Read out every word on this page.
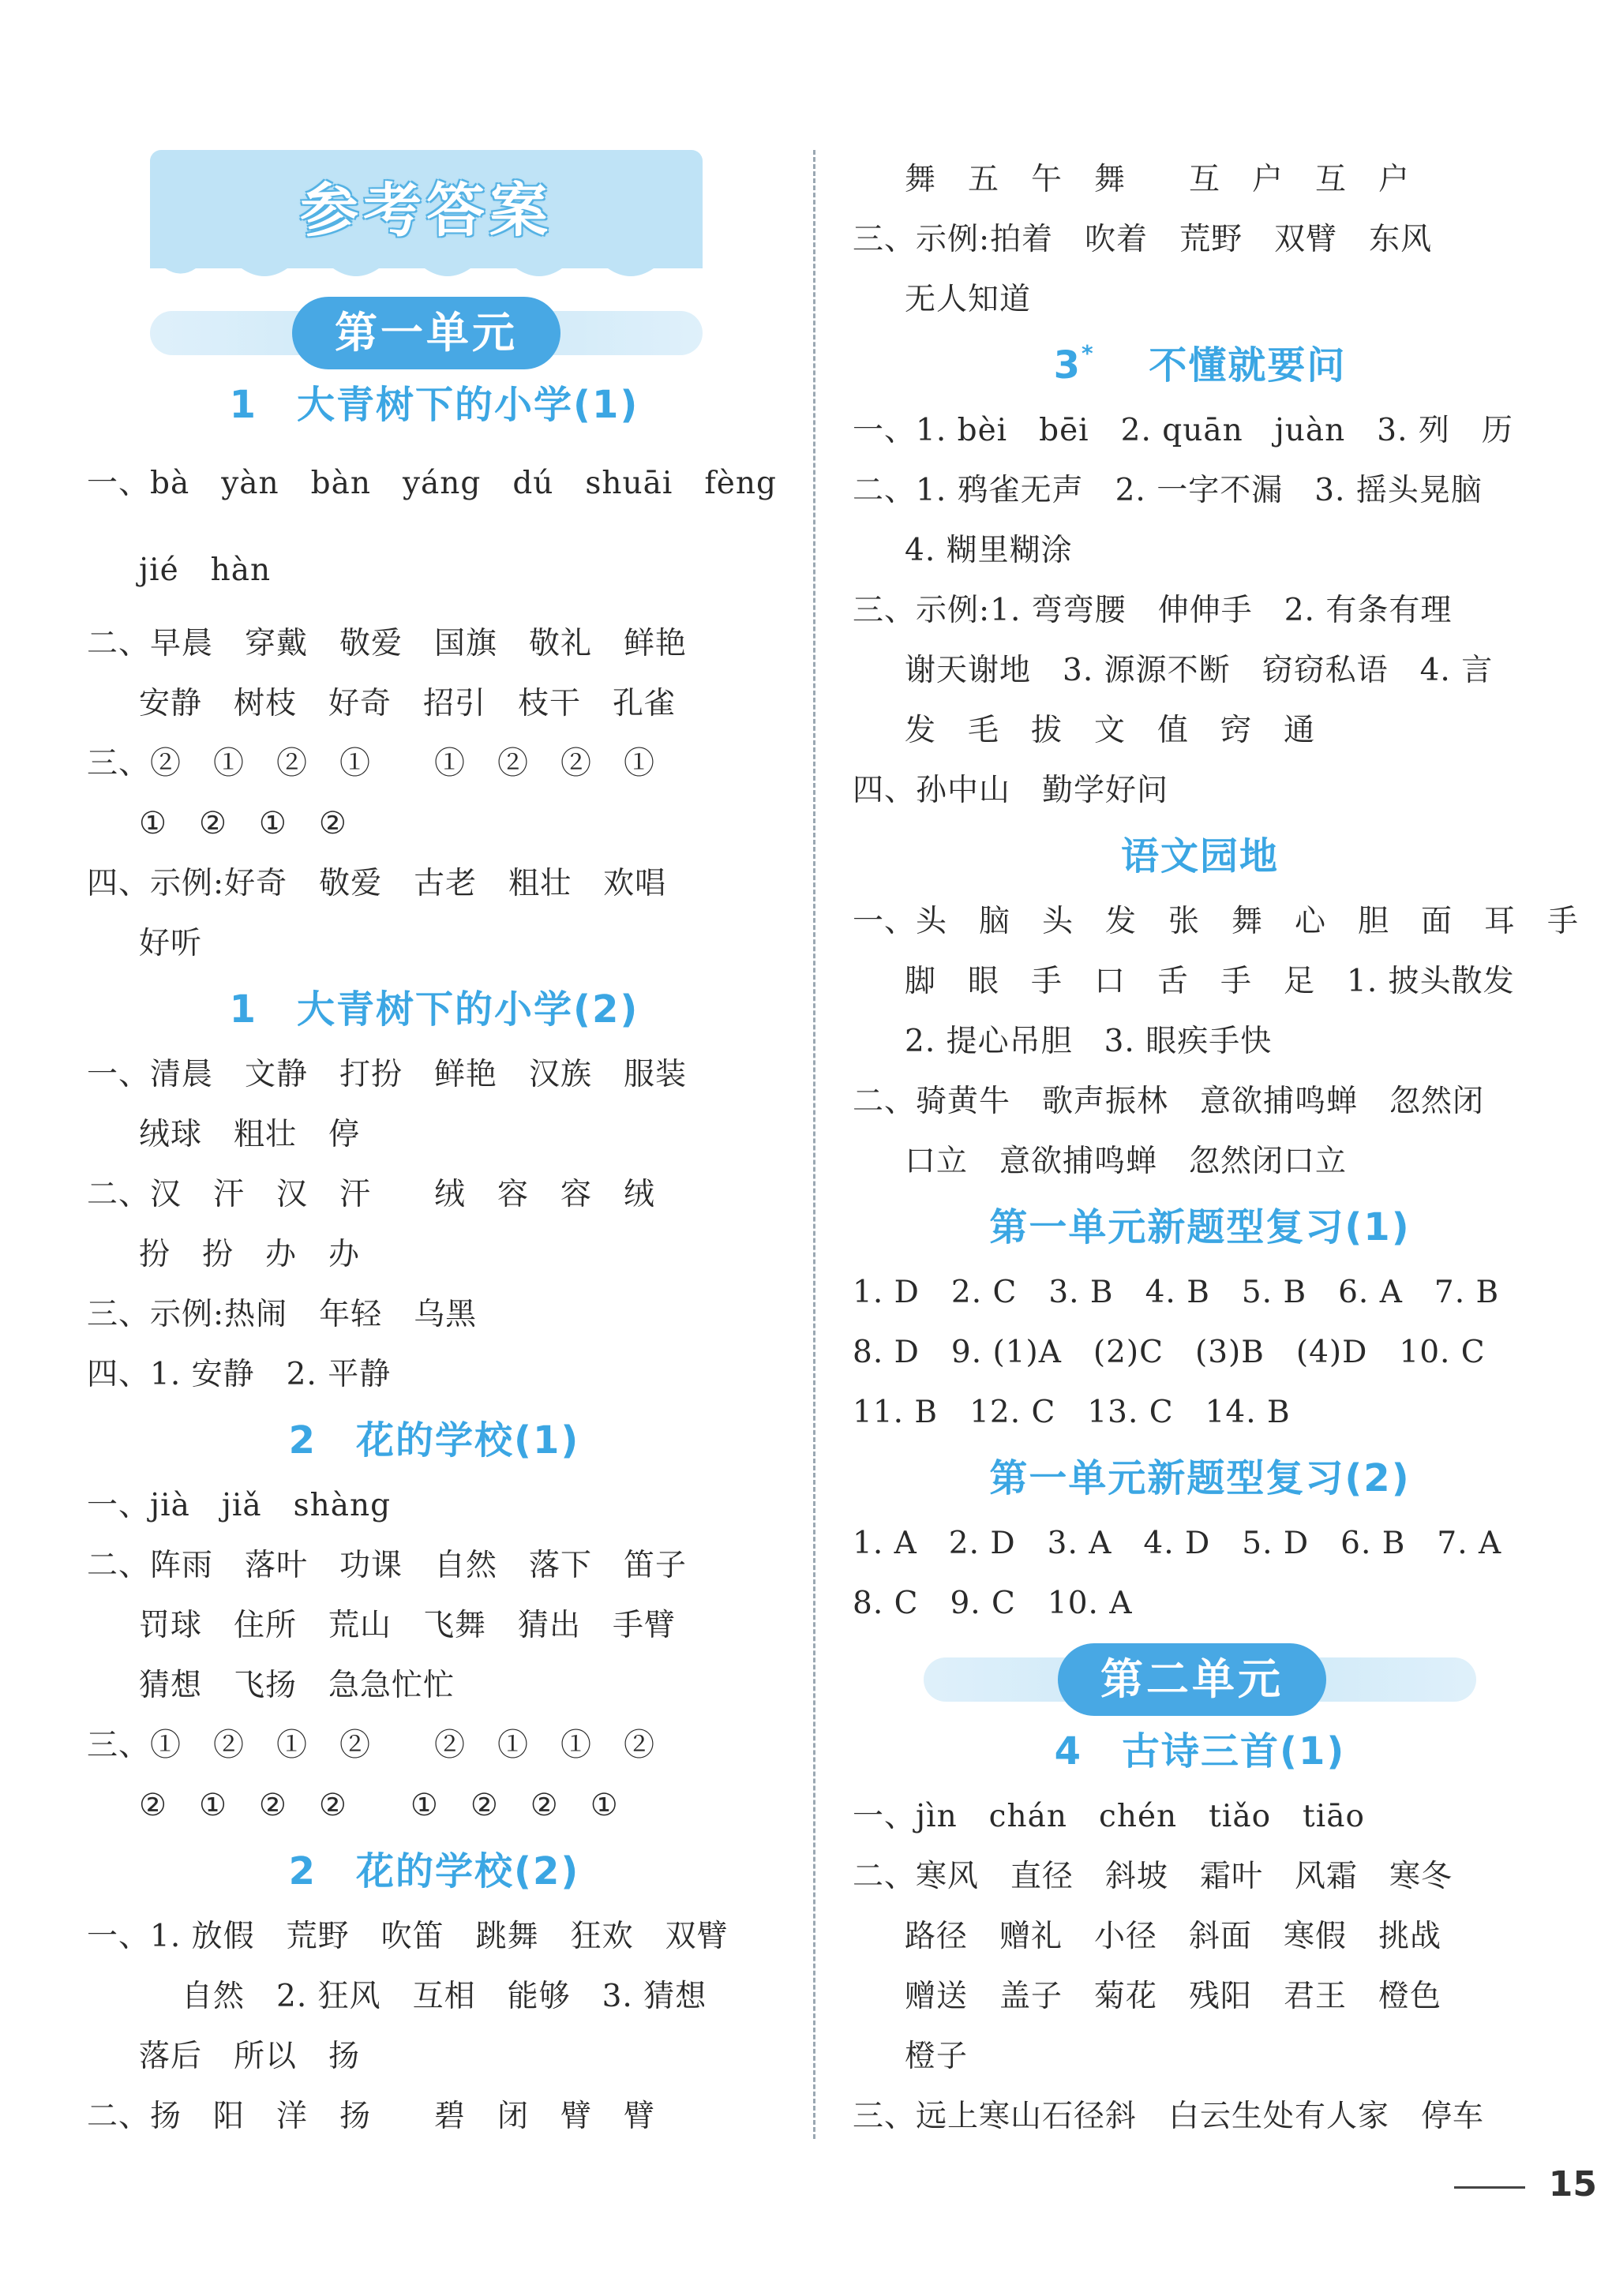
参考答案
第一单元
1　大青树下的小学(1)
一、bà　yàn　bàn　yáng　dú　shuāi　fèng
jié　hàn
二、早晨　穿戴　敬爱　国旗　敬礼　鲜艳
安静　树枝　好奇　招引　枝干　孔雀
三、②　①　②　①　　①　②　②　①
①　②　①　②
四、示例:好奇　敬爱　古老　粗壮　欢唱
好听
1　大青树下的小学(2)
一、清晨　文静　打扮　鲜艳　汉族　服装
绒球　粗壮　停
二、汉　汗　汉　汗　　绒　容　容　绒
扮　扮　办　办
三、示例:热闹　年轻　乌黑
四、1. 安静　2. 平静
2　花的学校(1)
一、jià　jiǎ　shàng
二、阵雨　落叶　功课　自然　落下　笛子
罚球　住所　荒山　飞舞　猜出　手臂
猜想　飞扬　急急忙忙
三、①　②　①　②　　②　①　①　②
②　①　②　②　　①　②　②　①
2　花的学校(2)
一、1. 放假　荒野　吹笛　跳舞　狂欢　双臂
自然　2. 狂风　互相　能够　3. 猜想
落后　所以　扬
二、扬　阳　洋　扬　　碧　闭　臂　臂
舞　五　午　舞　　互　户　互　户
三、示例:拍着　吹着　荒野　双臂　东风
无人知道
3*　 不懂就要问
一、1. bèi　bēi　2. quān　juàn　3. 列　历
二、1. 鸦雀无声　2. 一字不漏　3. 摇头晃脑
4. 糊里糊涂
三、示例:1. 弯弯腰　伸伸手　2. 有条有理
谢天谢地　3. 源源不断　窃窃私语　4. 言
发　毛　拔　文　值　窍　通
四、孙中山　勤学好问
语文园地
一、头　脑　头　发　张　舞　心　胆　面　耳　手
脚　眼　手　口　舌　手　足　1. 披头散发
2. 提心吊胆　3. 眼疾手快
二、骑黄牛　歌声振林　意欲捕鸣蝉　忽然闭
口立　意欲捕鸣蝉　忽然闭口立
第一单元新题型复习(1)
1. D　2. C　3. B　4. B　5. B　6. A　7. B
8. D　9. (1)A　(2)C　(3)B　(4)D　10. C
11. B　12. C　13. C　14. B
第一单元新题型复习(2)
1. A　2. D　3. A　4. D　5. D　6. B　7. A
8. C　9. C　10. A
第二单元
4　古诗三首(1)
一、jìn　chán　chén　tiǎo　tiāo
二、寒风　直径　斜坡　霜叶　风霜　寒冬
路径　赠礼　小径　斜面　寒假　挑战
赠送　盖子　菊花　残阳　君王　橙色
橙子
三、远上寒山石径斜　白云生处有人家　停车
15
